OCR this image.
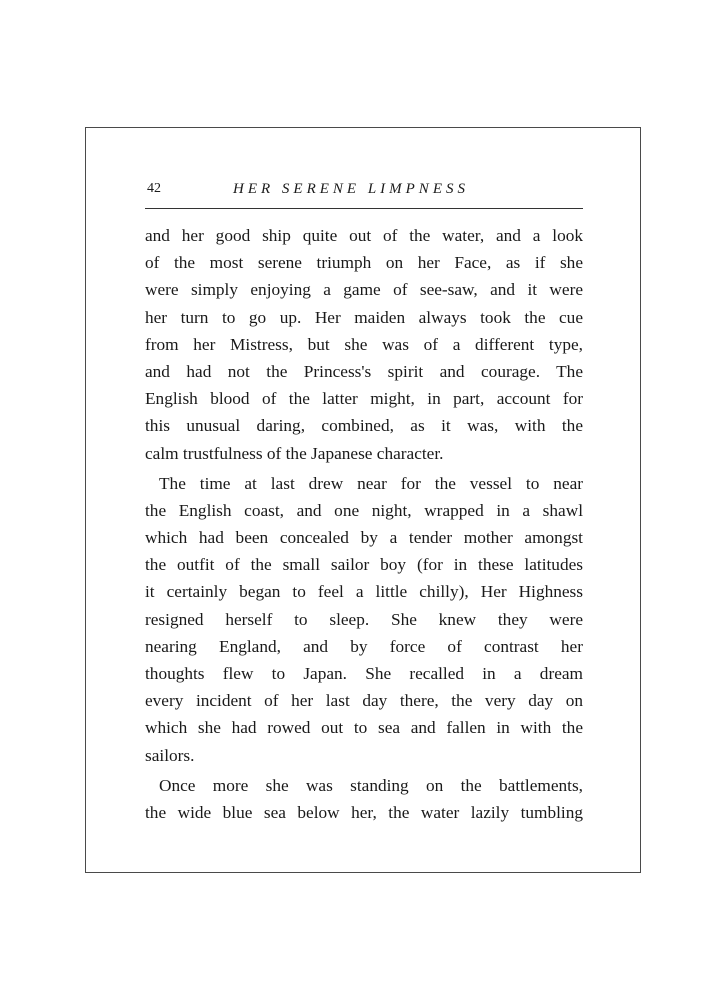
42	HER SERENE LIMPNESS
and her good ship quite out of the water, and a look
of the most serene triumph on her Face, as if she
were simply enjoying a game of see-saw, and it were
her turn to go up. Her maiden always took the cue
from her Mistress, but she was of a different type,
and had not the Princess's spirit and courage. The
English blood of the latter might, in part, account for
this unusual daring, combined, as it was, with the
calm trustfulness of the Japanese character.
The time at last drew near for the vessel to near
the English coast, and one night, wrapped in a shawl
which had been concealed by a tender mother amongst
the outfit of the small sailor boy (for in these latitudes
it certainly began to feel a little chilly), Her Highness
resigned herself to sleep. She knew they were
nearing England, and by force of contrast her
thoughts flew to Japan. She recalled in a dream
every incident of her last day there, the very day on
which she had rowed out to sea and fallen in with the
sailors.
Once more she was standing on the battlements,
the wide blue sea below her, the water lazily tumbling
